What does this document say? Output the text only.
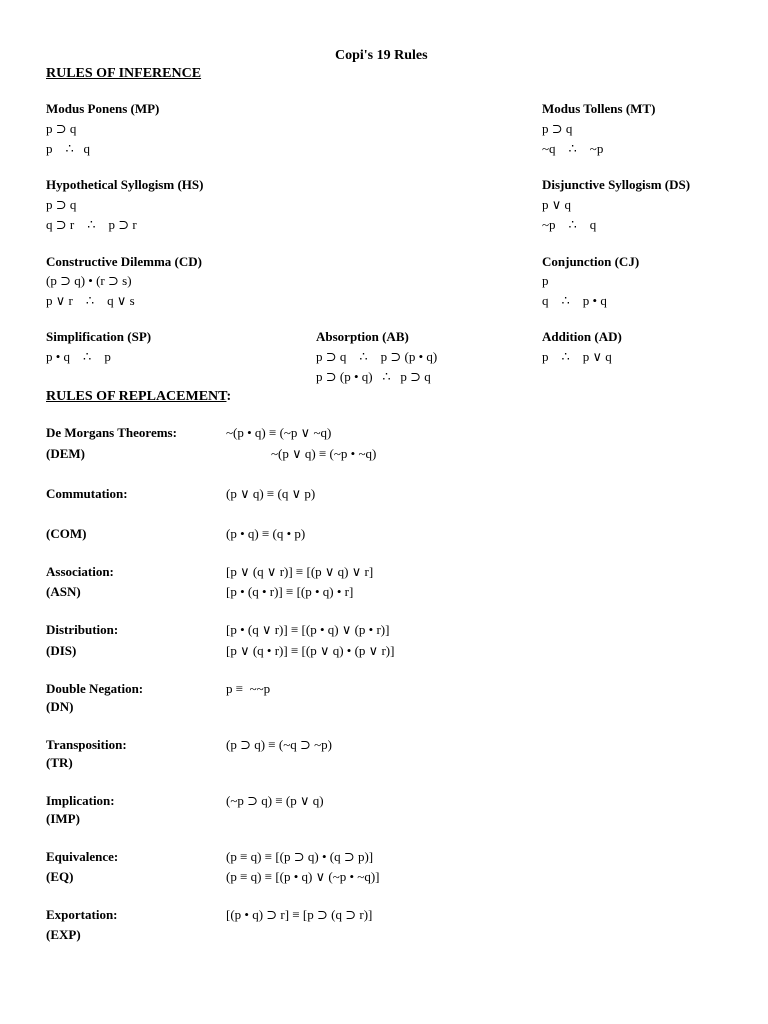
Copi's 19 Rules
RULES OF INFERENCE
Modus Ponens (MP)
p ⊃ q
p    ∴   q
Modus Tollens (MT)
p ⊃ q
~q    ∴    ~p
Hypothetical Syllogism (HS)
p ⊃ q
q ⊃ r    ∴    p ⊃ r
Disjunctive Syllogism (DS)
p ∨ q
~p    ∴    q
Constructive Dilemma (CD)
(p ⊃ q) • (r ⊃ s)
p ∨ r    ∴    q ∨ s
Conjunction (CJ)
p
q    ∴    p • q
Simplification (SP)
p • q    ∴    p
Absorption (AB)
p ⊃ q    ∴    p ⊃ (p • q)
p ⊃ (p • q)   ∴   p ⊃ q
Addition (AD)
p    ∴    p ∨ q
RULES OF REPLACEMENT:
De Morgans Theorems:
(DEM)
~(p • q) ≡ (~p ∨ ~q)
~(p ∨ q) ≡ (~p • ~q)
Commutation:	(p ∨ q) ≡ (q ∨ p)
(COM)	(p • q) ≡ (q • p)
Association:
(ASN)
[p ∨ (q ∨ r)] ≡ [(p ∨ q) ∨ r]
[p • (q • r)] ≡ [(p • q) • r]
Distribution:
(DIS)
[p • (q ∨ r)] ≡ [(p • q) ∨ (p • r)]
[p ∨ (q • r)] ≡ [(p ∨ q) • (p ∨ r)]
Double Negation:
(DN)
p ≡  ~~p
Transposition:
(TR)
(p ⊃ q) ≡ (~q ⊃ ~p)
Implication:
(IMP)
(~p ⊃ q) ≡ (p ∨ q)
Equivalence:
(EQ)
(p ≡ q) ≡ [(p ⊃ q) • (q ⊃ p)]
(p ≡ q) ≡ [(p • q) ∨ (~p • ~q)]
Exportation:
(EXP)
[(p • q) ⊃ r] ≡ [p ⊃ (q ⊃ r)]
